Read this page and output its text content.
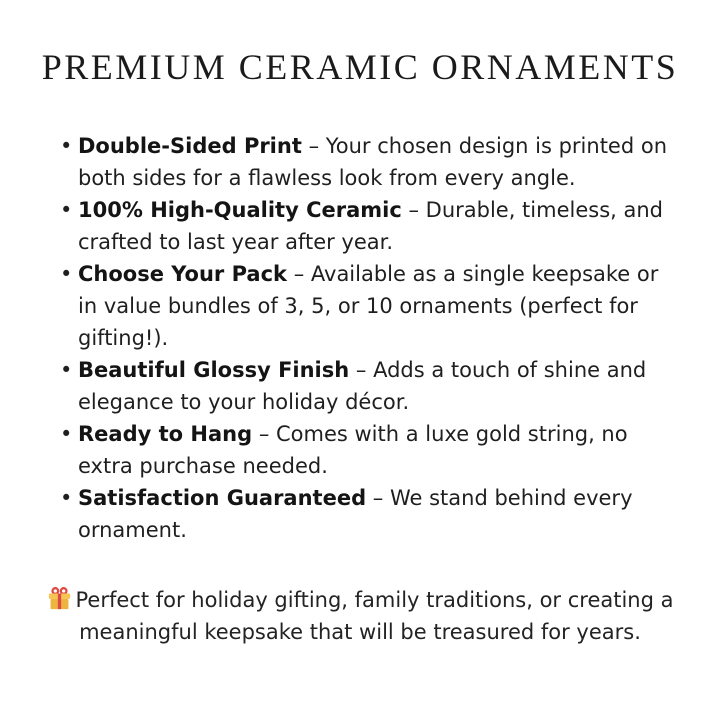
PREMIUM CERAMIC ORNAMENTS
• Double-Sided Print – Your chosen design is printed on both sides for a flawless look from every angle.
• 100% High-Quality Ceramic – Durable, timeless, and crafted to last year after year.
• Choose Your Pack – Available as a single keepsake or in value bundles of 3, 5, or 10 ornaments (perfect for gifting!).
• Beautiful Glossy Finish – Adds a touch of shine and elegance to your holiday décor.
• Ready to Hang – Comes with a luxe gold string, no extra purchase needed.
• Satisfaction Guaranteed – We stand behind every ornament.

Perfect for holiday gifting, family traditions, or creating a meaningful keepsake that will be treasured for years.
